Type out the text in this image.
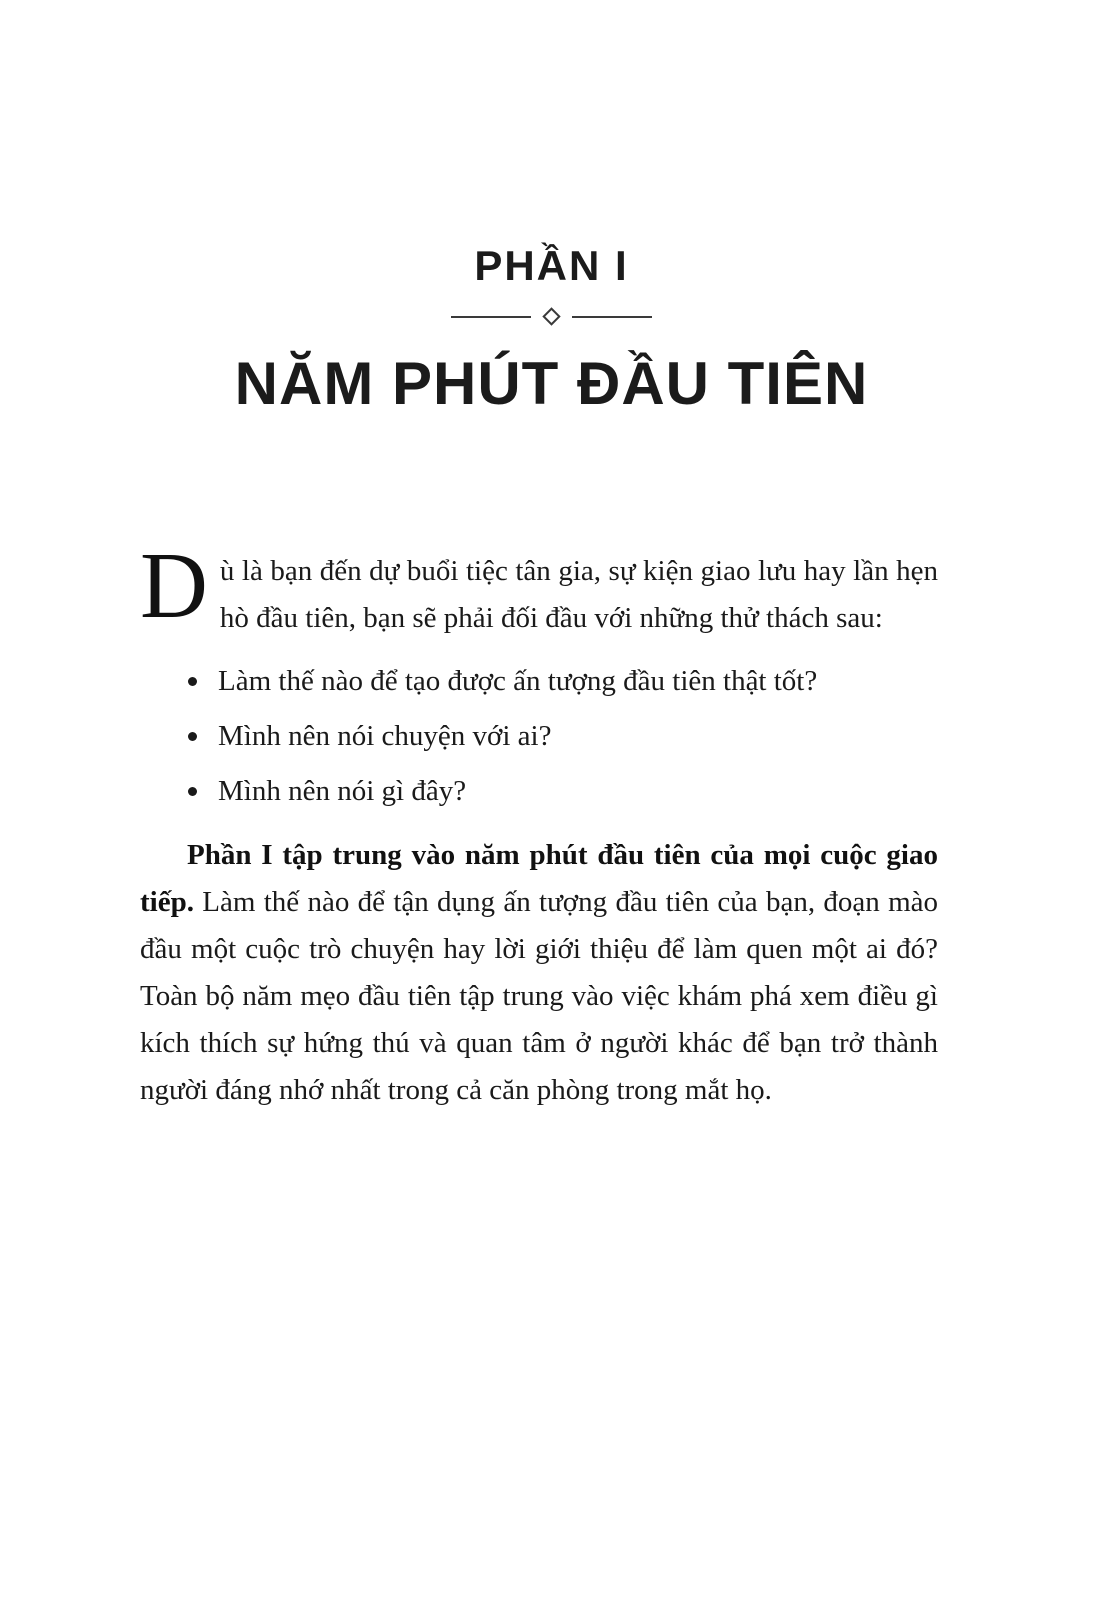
PHẦN I
NĂM PHÚT ĐẦU TIÊN

D ù là bạn đến dự buổi tiệc tân gia, sự kiện giao lưu hay lần hẹn hò đầu tiên, bạn sẽ phải đối đầu với những thử thách sau:

Làm thế nào để tạo được ấn tượng đầu tiên thật tốt?
Mình nên nói chuyện với ai?
Mình nên nói gì đây?

Phần I tập trung vào năm phút đầu tiên của mọi cuộc giao tiếp. Làm thế nào để tận dụng ấn tượng đầu tiên của bạn, đoạn mào đầu một cuộc trò chuyện hay lời giới thiệu để làm quen một ai đó? Toàn bộ năm mẹo đầu tiên tập trung vào việc khám phá xem điều gì kích thích sự hứng thú và quan tâm ở người khác để bạn trở thành người đáng nhớ nhất trong cả căn phòng trong mắt họ.
